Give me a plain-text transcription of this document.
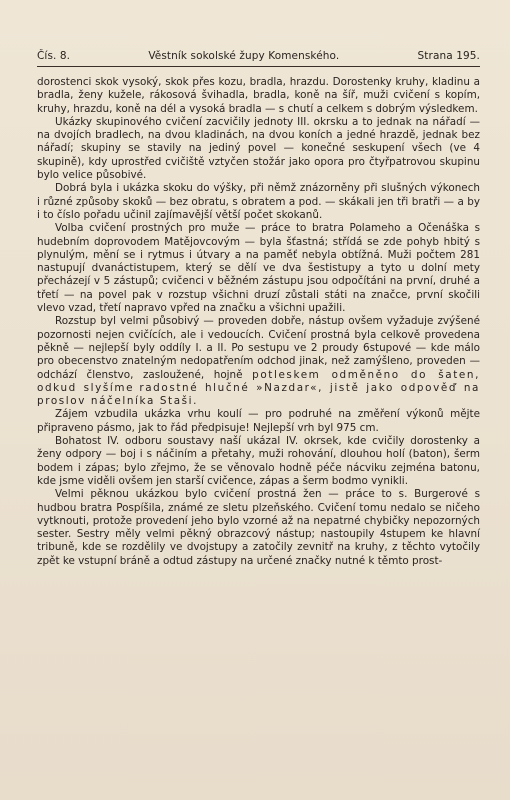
Čís. 8.	Věstník sokolské župy Komenského.	Strana 195.

dorostenci skok vysoký, skok přes kozu, bradla, hrazdu. Dorostenky kruhy, kladinu a bradla, ženy kužele, rákosová švihadla, bradla, koně na šíř, muži cvičení s kopím, kruhy, hrazdu, koně na dél a vysoká bradla — s chutí a celkem s dobrým výsledkem.

Ukázky skupinového cvičení zacvičily jednoty III. okrsku a to jednak na nářadí — na dvojích bradlech, na dvou kladinách, na dvou koních a jedné hrazdě, jednak bez nářadí; skupiny se stavily na jediný povel — konečné seskupení všech (ve 4 skupině), kdy uprostřed cvičiště vztyčen stožár jako opora pro čtyřpatrovou skupinu bylo velice působivé.

Dobrá byla i ukázka skoku do výšky, při němž znázorněny při slušných výkonech i různé způsoby skoků — bez obratu, s obratem a pod. — skákali jen tři bratři — a by i to číslo pořadu učinil zajímavější větší počet skokanů.

Volba cvičení prostných pro muže — práce to bratra Polameho a Očenáška s hudebním doprovodem Matějovcovým — byla šťastná; střídá se zde pohyb hbitý s plynulým, mění se i rytmus i útvary a na paměť nebyla obtížná. Muži počtem 281 nastupují dvanáctistupem, který se dělí ve dva šestistupy a tyto u dolní mety přecházejí v 5 zástupů; cvičenci v běžném zástupu jsou odpočítáni na první, druhé a třetí — na povel pak v rozstup všichni druzí zůstali státi na značce, první skočili vlevo vzad, třetí napravo vpřed na značku a všichni upažili.

Rozstup byl velmi působivý — proveden dobře, nástup ovšem vyžaduje zvýšené pozornosti nejen cvičících, ale i vedoucích. Cvičení prostná byla celkově provedena pěkně — nejlepší byly oddíly I. a II. Po sestupu ve 2 proudy 6stupové — kde málo pro obecenstvo znatelným nedopatřením odchod jinak, než zamýšleno, proveden — odchází členstvo, zasloužené, hojně potleskem odměněno do šaten, odkud slyšíme radostné hlučné »Nazdar«, jistě jako odpověď na proslov náčelníka Staši.

Zájem vzbudila ukázka vrhu koulí — pro podruhé na změření výkonů mějte připraveno pásmo, jak to řád předpisuje! Nejlepší vrh byl 975 cm.

Bohatost IV. odboru soustavy naší ukázal IV. okrsek, kde cvičily dorostenky a ženy odpory — boj i s náčiním a přetahy, muži rohování, dlouhou holí (baton), šerm bodem i zápas; bylo zřejmo, že se věnovalo hodně péče nácviku zejména batonu, kde jsme viděli ovšem jen starší cvičence, zápas a šerm bodmo vynikli.

Velmi pěknou ukázkou bylo cvičení prostná žen — práce to s. Burgerové s hudbou bratra Pospíšila, známé ze sletu plzeňského. Cvičení tomu nedalo se ničeho vytknouti, protože provedení jeho bylo vzorné až na nepatrné chybičky nepozorných sester. Sestry měly velmi pěkný obrazcový nástup; nastoupily 4stupem ke hlavní tribuně, kde se rozdělily ve dvojstupy a zatočily zevnitř na kruhy, z těchto vytočily zpět ke vstupní bráně a odtud zástupy na určené značky nutné k těmto prost-
